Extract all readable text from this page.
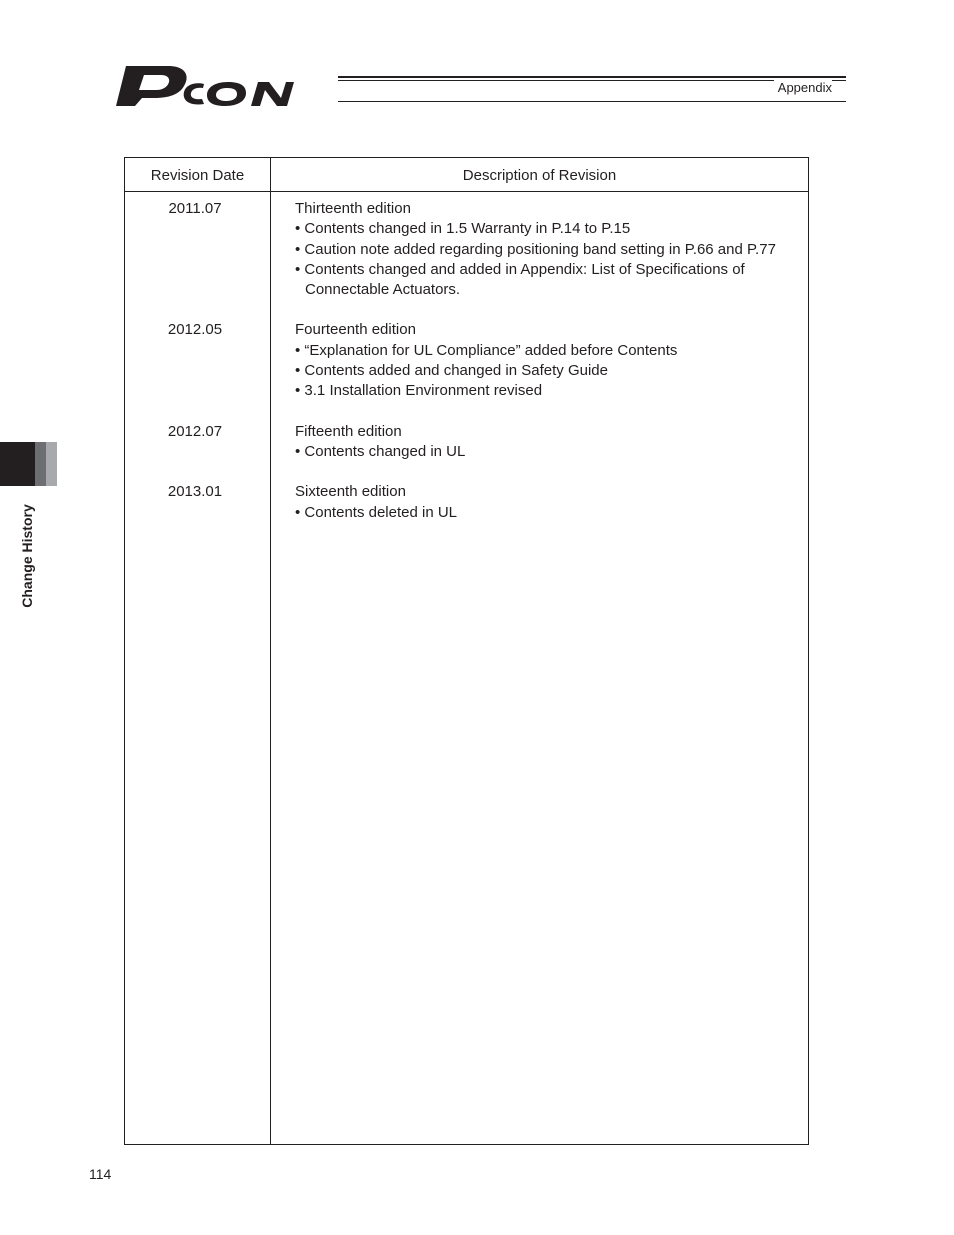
Appendix
Change History
Revision Date	Description of Revision
2011.07	Thirteenth edition
• Contents changed in 1.5 Warranty in P.14 to P.15
• Caution note added regarding positioning band setting in P.66 and P.77
• Contents changed and added in Appendix: List of Specifications of Connectable Actuators.
2012.05	Fourteenth edition
• “Explanation for UL Compliance” added before Contents
• Contents added and changed in Safety Guide
• 3.1 Installation Environment revised
2012.07	Fifteenth edition
• Contents changed in UL
2013.01	Sixteenth edition
• Contents deleted in UL
114
